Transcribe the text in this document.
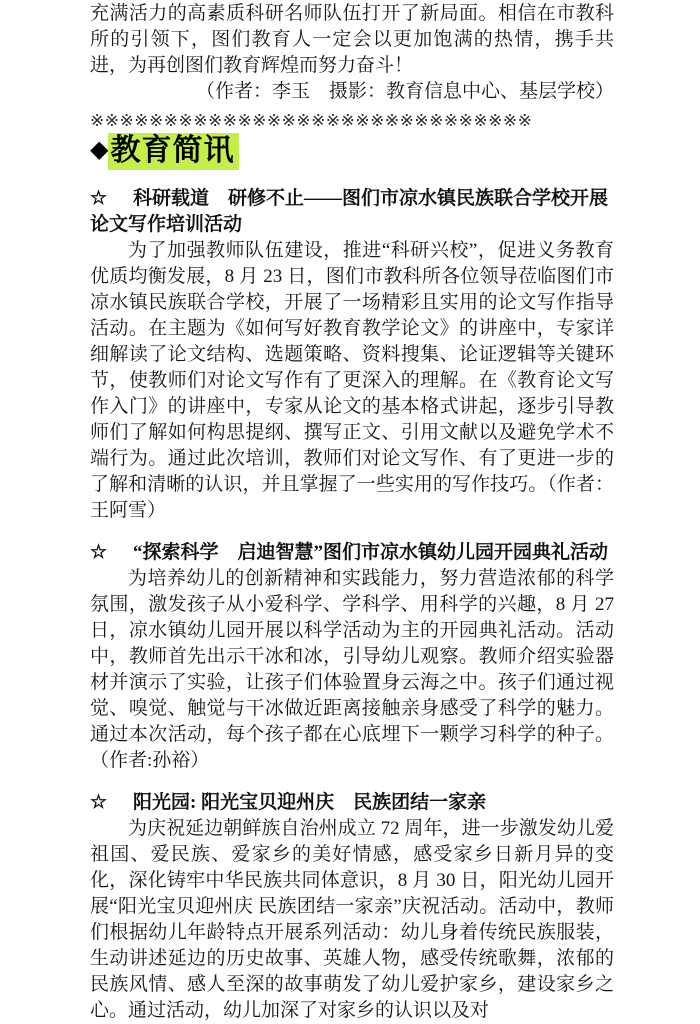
充满活力的高素质科研名师队伍打开了新局面。相信在市教科所的引领下，图们教育人一定会以更加饱满的热情，携手共进，为再创图们教育辉煌而努力奋斗！

（作者：李玉　摄影：教育信息中心、基层学校）

※※※※※※※※※※※※※※※※※※※※※※※※※※※※※※
◆教育简讯
☆ 科研载道　研修不止——图们市凉水镇民族联合学校开展论文写作培训活动

为了加强教师队伍建设，推进“科研兴校”，促进义务教育优质均衡发展，8 月 23 日，图们市教科所各位领导莅临图们市凉水镇民族联合学校，开展了一场精彩且实用的论文写作指导活动。在主题为《如何写好教育教学论文》的讲座中，专家详细解读了论文结构、选题策略、资料搜集、论证逻辑等关键环节，使教师们对论文写作有了更深入的理解。在《教育论文写作入门》的讲座中，专家从论文的基本格式讲起，逐步引导教师们了解如何构思提纲、撰写正文、引用文献以及避免学术不端行为。通过此次培训，教师们对论文写作、有了更进一步的了解和清晰的认识，并且掌握了一些实用的写作技巧。（作者：王阿雪）

☆ “探索科学　启迪智慧”图们市凉水镇幼儿园开园典礼活动

为培养幼儿的创新精神和实践能力，努力营造浓郁的科学氛围，激发孩子从小爱科学、学科学、用科学的兴趣，8 月 27 日，凉水镇幼儿园开展以科学活动为主的开园典礼活动。活动中，教师首先出示干冰和冰，引导幼儿观察。教师介绍实验器材并演示了实验，让孩子们体验置身云海之中。孩子们通过视觉、嗅觉、触觉与干冰做近距离接触亲身感受了科学的魅力。通过本次活动，每个孩子都在心底埋下一颗学习科学的种子。（作者:孙裕）

☆ 阳光园: 阳光宝贝迎州庆　民族团结一家亲

为庆祝延边朝鲜族自治州成立 72 周年，进一步激发幼儿爱祖国、爱民族、爱家乡的美好情感，感受家乡日新月异的变化，深化铸牢中华民族共同体意识，8 月 30 日，阳光幼儿园开展“阳光宝贝迎州庆 民族团结一家亲”庆祝活动。活动中，教师们根据幼儿年龄特点开展系列活动：幼儿身着传统民族服装，生动讲述延边的历史故事、英雄人物，感受传统歌舞，浓郁的民族风情、感人至深的故事萌发了幼儿爱护家乡，建设家乡之心。通过活动，幼儿加深了对家乡的认识以及对
